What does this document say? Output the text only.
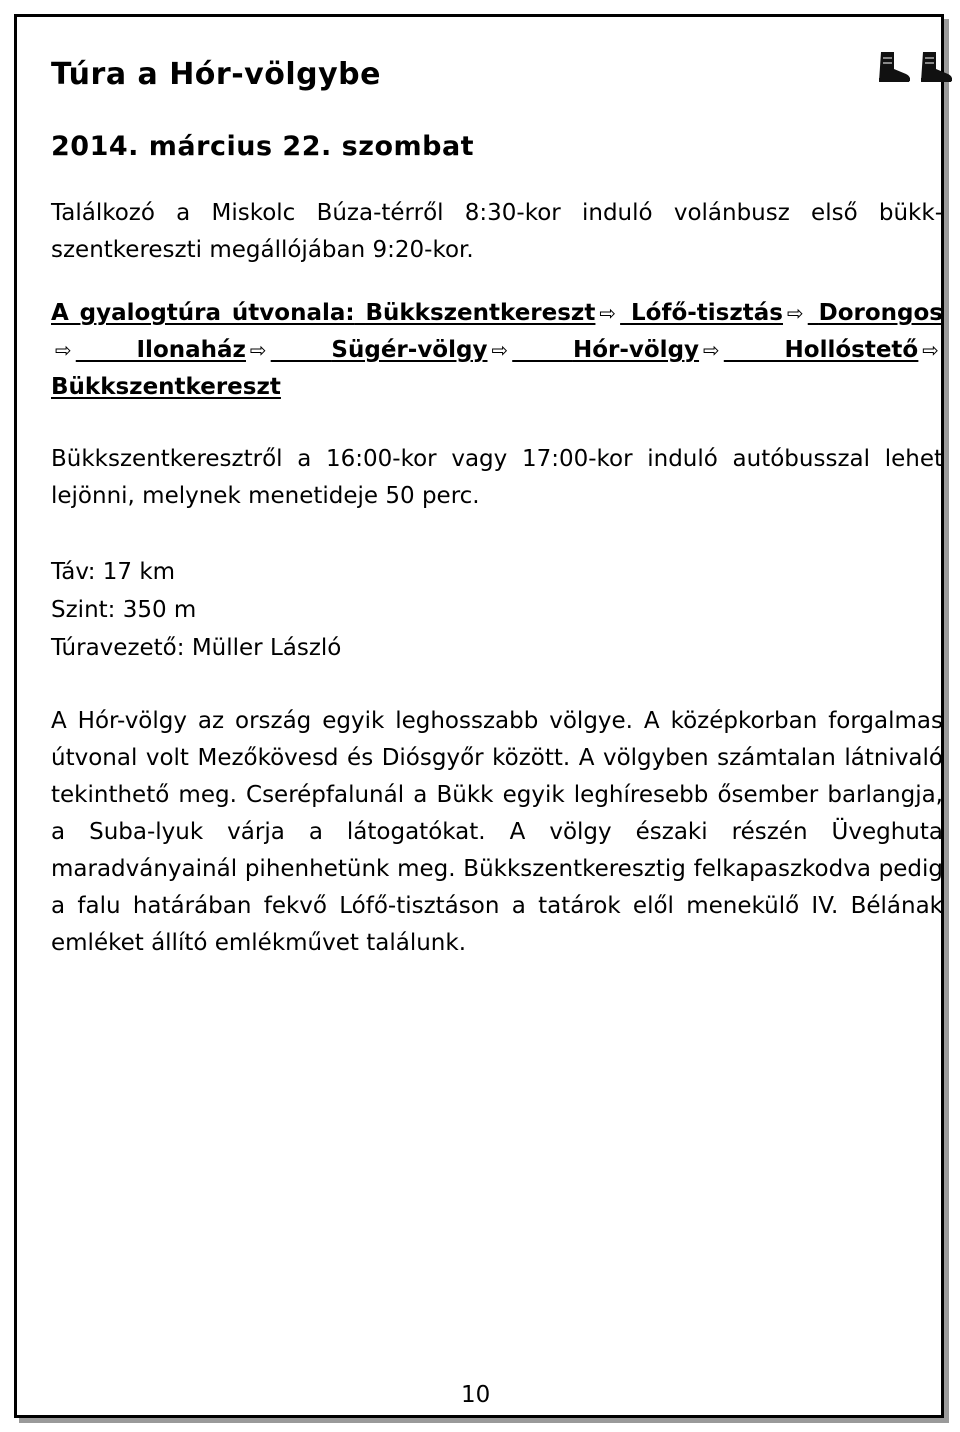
Túra a Hór-völgybe
2014. március 22. szombat

Találkozó a Miskolc Búza-térről 8:30-kor induló volánbusz első bükk-szentkereszti megállójában 9:20-kor.

A gyalogtúra útvonala: Bükkszentkereszt ⇨ Lófő-tisztás ⇨ Dorongos⇨	Ilonaház ⇨	Sügér-völgy ⇨	Hór-völgy ⇨	Hollóstető ⇨ Bükkszentkereszt

Bükkszentkeresztről a 16:00-kor vagy 17:00-kor induló autóbusszal lehet lejönni, melynek menetideje 50 perc.

Táv: 17 km
Szint: 350 m
Túravezető: Müller László

A Hór-völgy az ország egyik leghosszabb völgye. A középkorban forgalmas útvonal volt Mezőkövesd és Diósgyőr között. A völgyben számtalan látnivaló tekinthető meg. Cserépfalunál a Bükk egyik leghíresebb ősember barlangja, a Suba-lyuk várja a látogatókat. A völgy északi részén Üveghuta maradványainál pihenhetünk meg. Bükkszentkeresztig felkapaszkodva pedig a falu határában fekvő Lófő-tisztáson a tatárok elől menekülő IV. Bélának emléket állító emlékművet találunk.

10
